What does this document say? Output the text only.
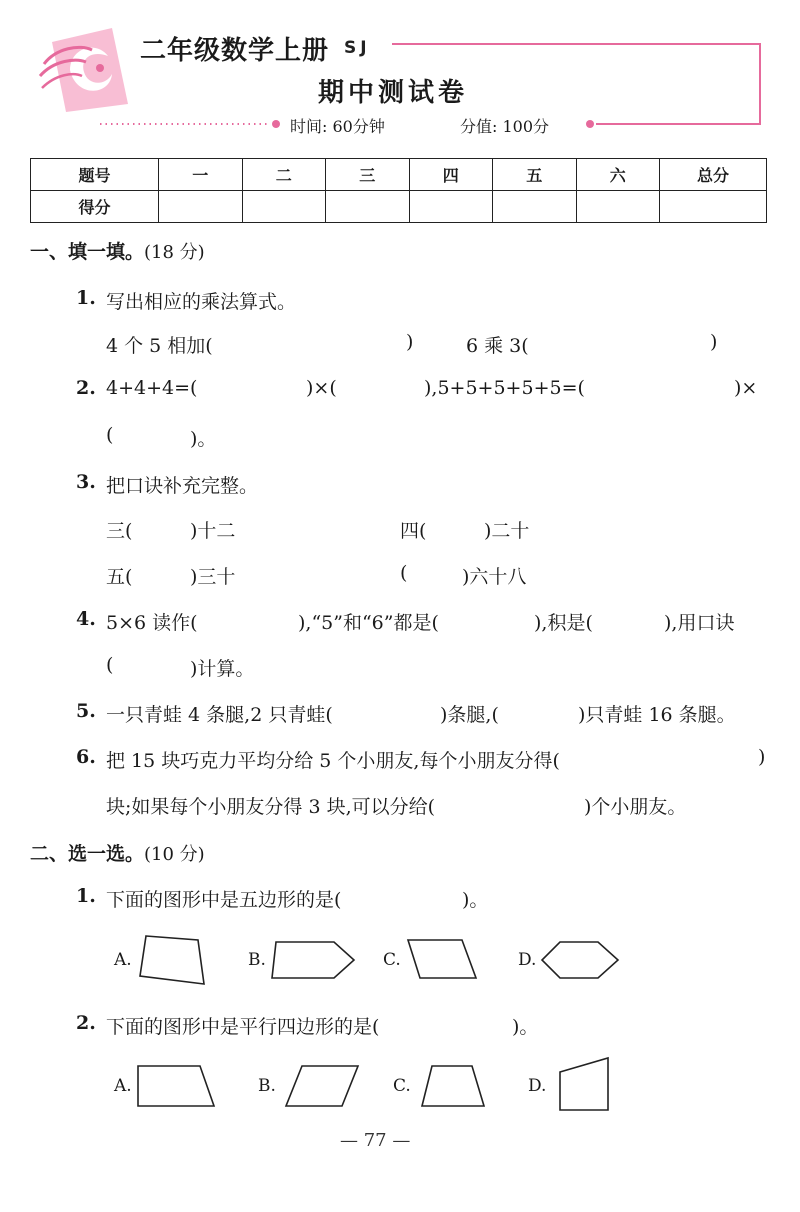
二年级数学上册 SJ
期中测试卷
时间: 60分钟	分值: 100分
题号	一	二	三	四	五	六	总分
得分							
一、填一填。(18 分)
1. 写出相应的乘法算式。
4 个 5 相加(	)	6 乘 3(	)
2. 4+4+4=(	)×(	),5+5+5+5+5=(	)×
(	)。
3. 把口诀补充完整。
三(	)十二	四(	)二十
五(	)三十	(	)六十八
4. 5×6 读作(	),“5”和“6”都是(	),积是(	),用口诀
(	)计算。
5. 一只青蛙 4 条腿,2 只青蛙(	)条腿,(	)只青蛙 16 条腿。
6. 把 15 块巧克力平均分给 5 个小朋友,每个小朋友分得(	)
块;如果每个小朋友分得 3 块,可以分给(	)个小朋友。
二、选一选。(10 分)
1. 下面的图形中是五边形的是(	)。
A.	B.	C.	D.
2. 下面的图形中是平行四边形的是(	)。
A.	B.	C.	D.
— 77 —
